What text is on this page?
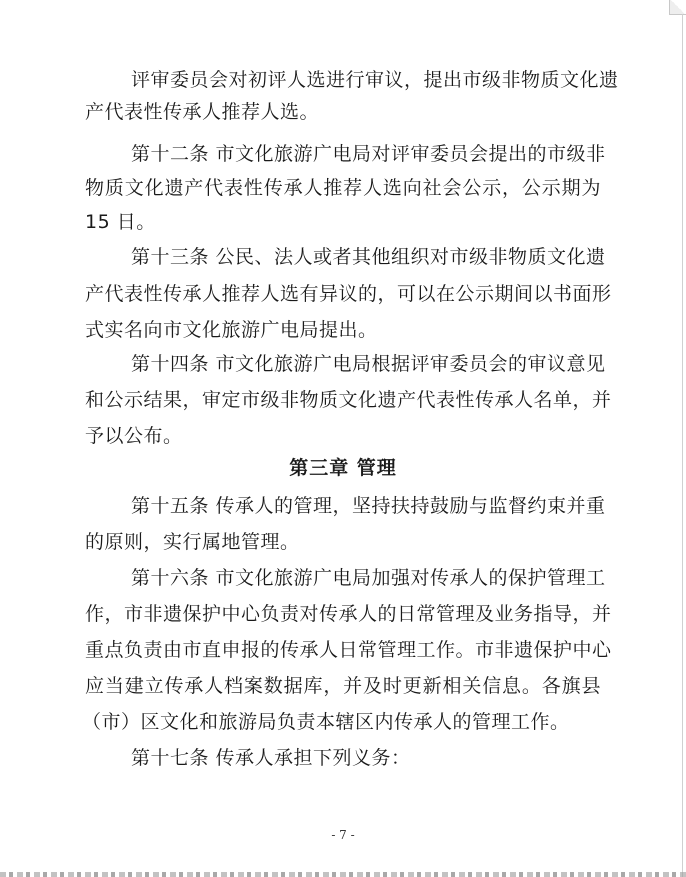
评审委员会对初评人选进行审议，提出市级非物质文化遗
产代表性传承人推荐人选。
第十二条 市文化旅游广电局对评审委员会提出的市级非
物质文化遗产代表性传承人推荐人选向社会公示，公示期为
15 日。
第十三条 公民、法人或者其他组织对市级非物质文化遗
产代表性传承人推荐人选有异议的，可以在公示期间以书面形
式实名向市文化旅游广电局提出。
第十四条 市文化旅游广电局根据评审委员会的审议意见
和公示结果，审定市级非物质文化遗产代表性传承人名单，并
予以公布。
第三章 管理
第十五条 传承人的管理，坚持扶持鼓励与监督约束并重
的原则，实行属地管理。
第十六条 市文化旅游广电局加强对传承人的保护管理工
作，市非遗保护中心负责对传承人的日常管理及业务指导，并
重点负责由市直申报的传承人日常管理工作。市非遗保护中心
应当建立传承人档案数据库，并及时更新相关信息。各旗县
（市）区文化和旅游局负责本辖区内传承人的管理工作。
第十七条 传承人承担下列义务：
- 7 -
